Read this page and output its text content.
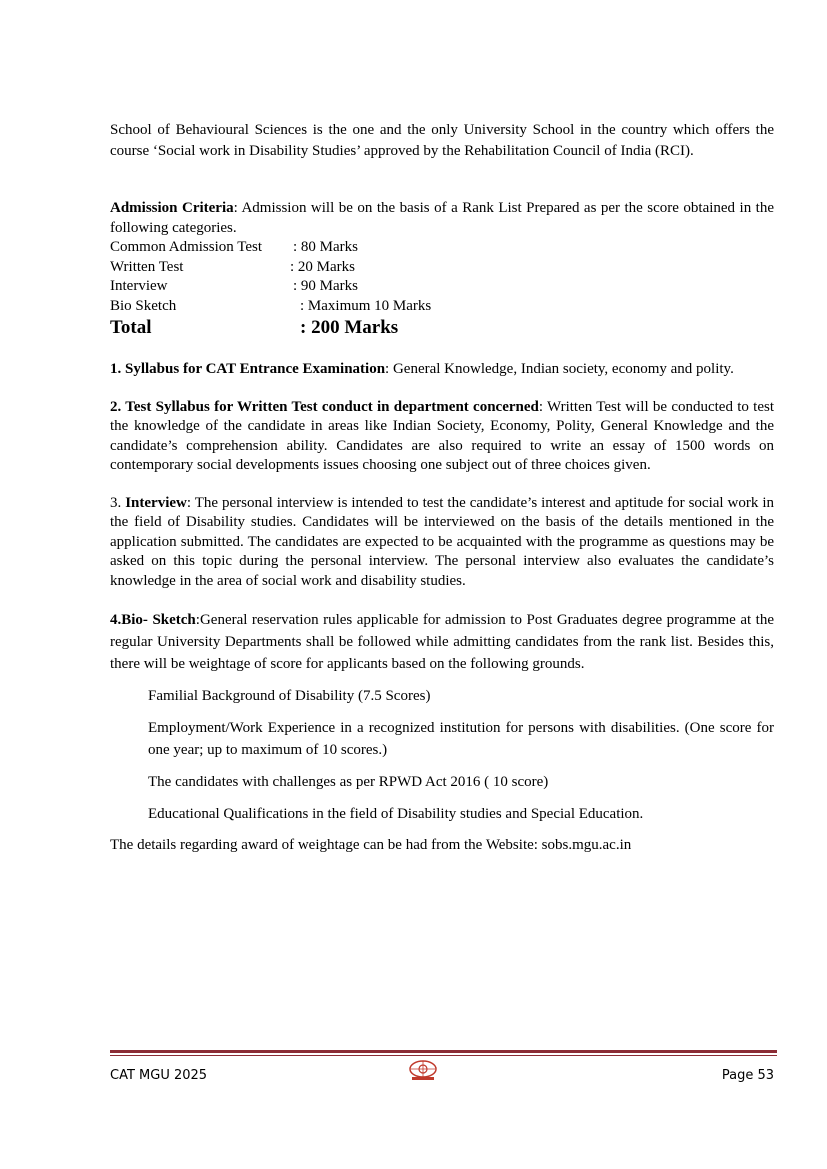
School of Behavioural Sciences is the one and the only University School in the country which offers the course ‘Social work in Disability Studies’ approved by the Rehabilitation Council of India (RCI).

Admission Criteria: Admission will be on the basis of a Rank List Prepared as per the score obtained in the following categories.

Common Admission Test	: 80 Marks
Written Test	: 20 Marks
Interview	: 90 Marks
Bio Sketch	: Maximum 10 Marks
Total	: 200 Marks

1. Syllabus for CAT Entrance Examination: General Knowledge, Indian society, economy and polity.

2. Test Syllabus for Written Test conduct in department concerned: Written Test will be conducted to test the knowledge of the candidate in areas like Indian Society, Economy, Polity, General Knowledge and the candidate’s comprehension ability. Candidates are also required to write an essay of 1500 words on contemporary social developments issues choosing one subject out of three choices given.

3. Interview: The personal interview is intended to test the candidate’s interest and aptitude for social work in the field of Disability studies. Candidates will be interviewed on the basis of the details mentioned in the application submitted. The candidates are expected to be acquainted with the programme as questions may be asked on this topic during the personal interview. The personal interview also evaluates the candidate’s knowledge in the area of social work and disability studies.

4.Bio- Sketch:General reservation rules applicable for admission to Post Graduates degree programme at the regular University Departments shall be followed while admitting candidates from the rank list. Besides this, there will be weightage of score for applicants based on the following grounds.

Familial Background of Disability (7.5 Scores)

Employment/Work Experience in a recognized institution for persons with disabilities. (One score for one year; up to maximum of 10 scores.)

The candidates with challenges as per RPWD Act 2016 ( 10 score)

Educational Qualifications in the field of Disability studies and Special Education.

The details regarding award of weightage can be had from the Website: sobs.mgu.ac.in

CAT MGU 2025	Page 53
